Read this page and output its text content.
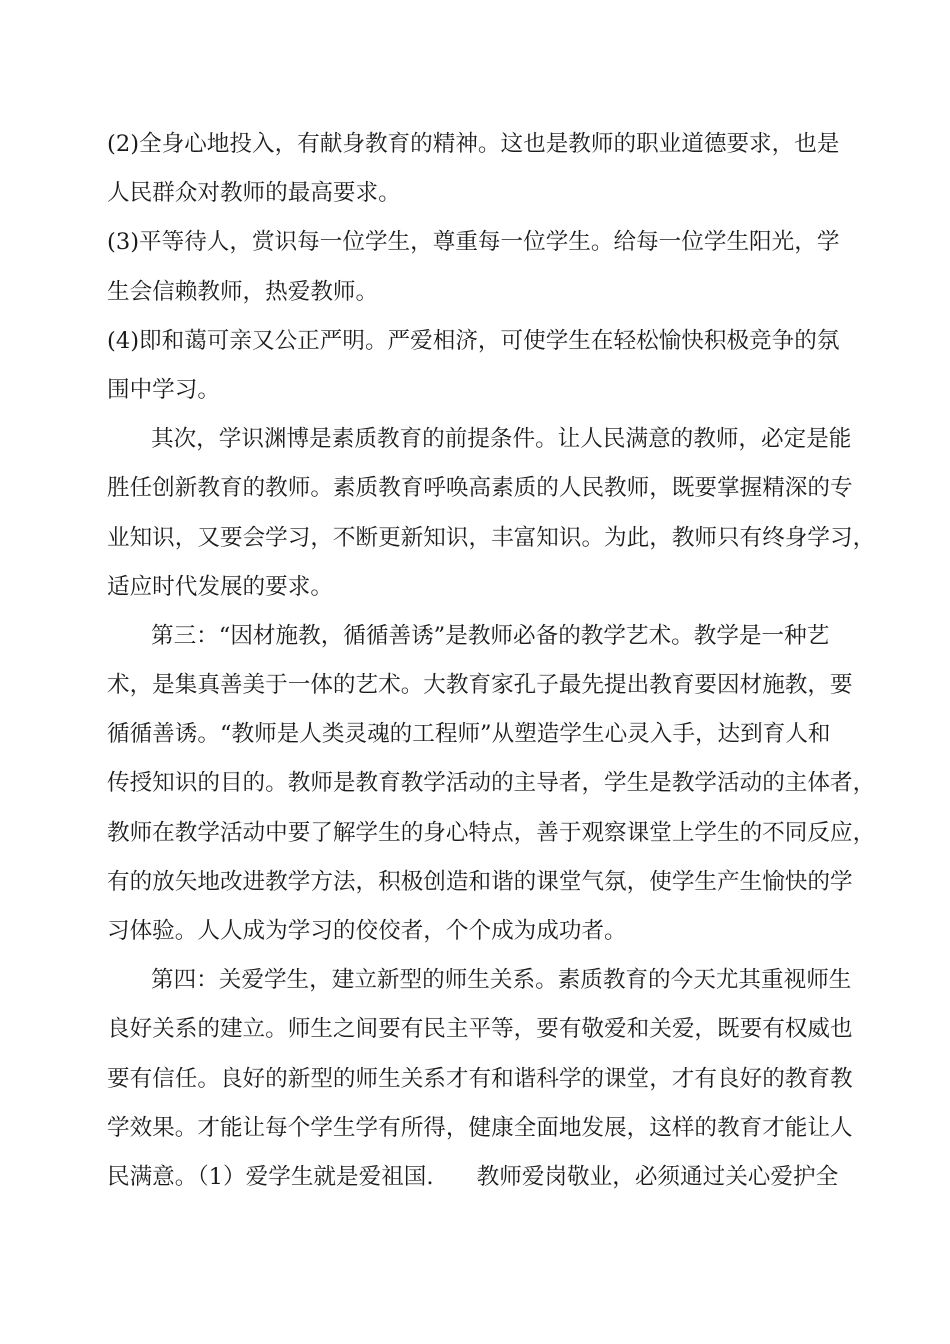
(2)全身心地投入，有献身教育的精神。这也是教师的职业道德要求，也是
人民群众对教师的最高要求。
(3)平等待人，赏识每一位学生，尊重每一位学生。给每一位学生阳光，学
生会信赖教师，热爱教师。
(4)即和蔼可亲又公正严明。严爱相济，可使学生在轻松愉快积极竞争的氛
围中学习。
其次，学识渊博是素质教育的前提条件。让人民满意的教师，必定是能
胜任创新教育的教师。素质教育呼唤高素质的人民教师，既要掌握精深的专
业知识，又要会学习，不断更新知识，丰富知识。为此，教师只有终身学习，
适应时代发展的要求。
第三：“因材施教，循循善诱”是教师必备的教学艺术。教学是一种艺
术，是集真善美于一体的艺术。大教育家孔子最先提出教育要因材施教，要
循循善诱。“教师是人类灵魂的工程师”从塑造学生心灵入手，达到育人和
传授知识的目的。教师是教育教学活动的主导者，学生是教学活动的主体者，
教师在教学活动中要了解学生的身心特点，善于观察课堂上学生的不同反应，
有的放矢地改进教学方法，积极创造和谐的课堂气氛，使学生产生愉快的学
习体验。人人成为学习的佼佼者，个个成为成功者。
第四：关爱学生，建立新型的师生关系。素质教育的今天尤其重视师生
良好关系的建立。师生之间要有民主平等，要有敬爱和关爱，既要有权威也
要有信任。良好的新型的师生关系才有和谐科学的课堂，才有良好的教育教
学效果。才能让每个学生学有所得，健康全面地发展，这样的教育才能让人
民满意。（1）爱学生就是爱祖国.      教师爱岗敬业，必须通过关心爱护全
